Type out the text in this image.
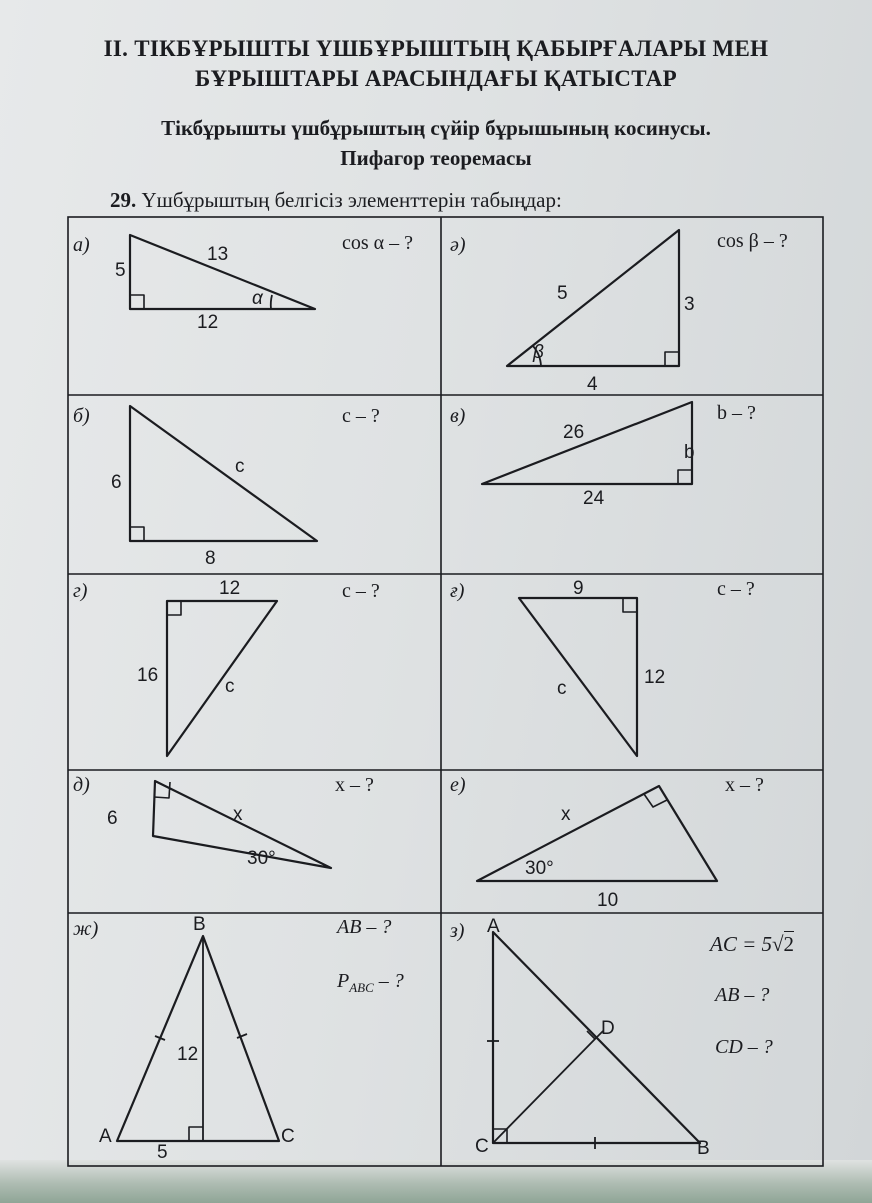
ІІ. ТІКБҰРЫШТЫ ҮШБҰРЫШТЫҢ ҚАБЫРҒАЛАРЫ МЕН
БҰРЫШТАРЫ АРАСЫНДАҒЫ ҚАТЫСТАР
Тікбұрышты үшбұрыштың сүйір бұрышының косинусы.
Пифагор теоремасы
29. Үшбұрыштың белгісіз элементтерін табыңдар:
а)	cos α – ?
13
5
12
α
ә)	cos β – ?
5
3
4
β
б)	c – ?
6
8
c
в)	b – ?
26
24
b
г)	c – ?
12
16
c
ғ)	c – ?
9
12
c
д)	x – ?
6	x
30°
е)	x – ?
x
30°
10
ж)	AB – ?
$P_{ABC}$ – ?
B
A	C
12
5
з) A
D
C	B
AC = 5√2
AB – ?
CD – ?
